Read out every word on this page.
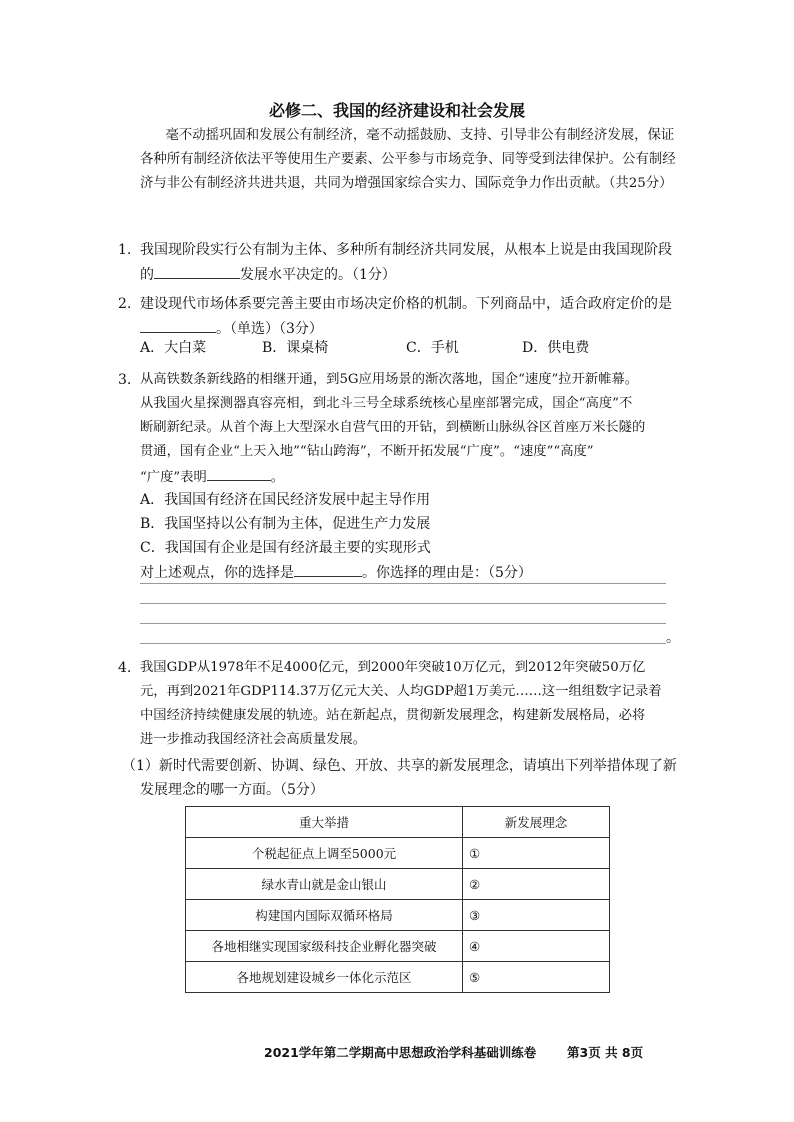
必修二、我国的经济建设和社会发展
毫不动摇巩固和发展公有制经济，毫不动摇鼓励、支持、引导非公有制经济发展，保证各种所有制经济依法平等使用生产要素、公平参与市场竞争、同等受到法律保护。公有制经济与非公有制经济共进共退，共同为增强国家综合实力、国际竞争力作出贡献。（共25分）
1. 我国现阶段实行公有制为主体、多种所有制经济共同发展，从根本上说是由我国现阶段
的	发展水平决定的。（1分）
2. 建设现代市场体系要完善主要由市场决定价格的机制。下列商品中，适合政府定价的是
。（单选）（3分）
A．大白菜	B．课桌椅	C．手机	D．供电费
3. 从高铁数条新线路的相继开通，到5G应用场景的渐次落地，国企“速度”拉开新帷幕。
从我国火星探测器真容亮相，到北斗三号全球系统核心星座部署完成，国企“高度”不
断刷新纪录。从首个海上大型深水自营气田的开钻，到横断山脉纵谷区首座万米长隧的
贯通，国有企业“上天入地”“钻山跨海”，不断开拓发展“广度”。“速度”“高度”
“广度”表明	。
A．我国国有经济在国民经济发展中起主导作用
B．我国坚持以公有制为主体，促进生产力发展
C．我国国有企业是国有经济最主要的实现形式
对上述观点，你的选择是	。你选择的理由是：（5分）
。
4. 我国GDP从1978年不足4000亿元，到2000年突破10万亿元，到2012年突破50万亿
元，再到2021年GDP114.37万亿元大关、人均GDP超1万美元……这一组组数字记录着
中国经济持续健康发展的轨迹。站在新起点，贯彻新发展理念，构建新发展格局，必将
进一步推动我国经济社会高质量发展。
（1）新时代需要创新、协调、绿色、开放、共享的新发展理念，请填出下列举措体现了新
发展理念的哪一方面。（5分）
重大举措	新发展理念
个税起征点上调至5000元	①
绿水青山就是金山银山	②
构建国内国际双循环格局	③
各地相继实现国家级科技企业孵化器突破	④
各地规划建设城乡一体化示范区	⑤
2021学年第二学期高中思想政治学科基础训练卷 第3页 共 8页
